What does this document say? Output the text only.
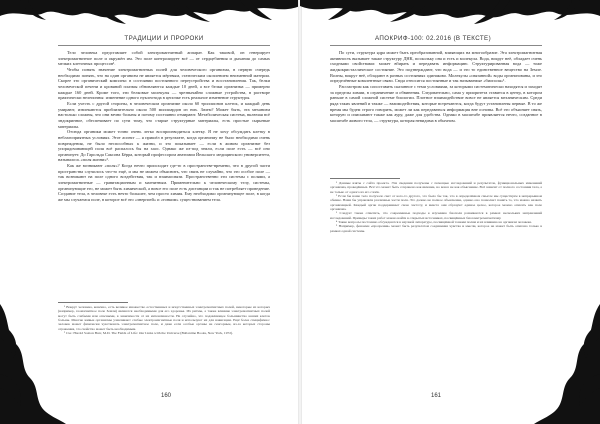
ТРАДИЦИИ И ПРОРОКИ

Тело человека представляет собой электромагнитный аппарат. Как таковой, он генерирует электромагнитное поле и окружён им. Это поле контролирует всё — от сердцебиения и дыхания до самых мелких клеточных процессов¹.

Чтобы понять значение электромагнитных полей для человеческого организма, в первую очередь необходимо понять, что на один организм не является мёртвым, статическим скоплением неизменной материи. Скорее это органический комплекс в состоянии постоянного переустройства и восстановления. Так, белки человеческой печени и кровяной плазмы обновляются каждые 10 дней, а все белки организма — примерно каждые 160 дней. Кроме того, эти белковые молекулы — чрезвычайно сложные устройства, в растворе практически нелепичны: изменение одного нуклеотида в цепочке есть реальное изменение структуры.

Если учесть с другой стороны, в человеческом организме около 60 триллионов клеток, и каждый день умирают, извлекаются приблизительно около 500 миллиардов из них. Зачем? Может быть, эта механизм настолько сложны, что они вечно больны и потому постоянно отмирают. Метаболическая система, включая всё эндокринное, обеспечивает по сути тому, что старые структурные материалы, есть простые сырьевые материалы.

Отсюда органики может точно очень легко воспроизводиться клетку. Я не хочу обсуждать клетку в неблагоприятных условиях. Этот аспект — я пришёл в результате, когда организму не было необходимо очень повреждения, не было неспособных к жизни, и это показывает — если в живом организме без упорядочивающей поля всё распалось бы на хаос. Однако же из-под земли, если поле есть — всё оно организует. До Гарольда Саксона Бёрра, который профессором анатомии Йельского медицинского университета, называлось «поля жизни»².

Как же возникают «поля»? Когда нечто происходит где-то в пространстве-времени, что в другой части пространства случилось что-то ещё, и мы не можем объяснить, что связь не случайно, что это особое поле — так возникают на поле одного воздействия, так и взаимосвязи. Пространственно эти системы с полями, а электромагнитные — гравитационным и магнитным. Применительно к человеческому телу, системы, организующие его, не может быть химической, а вовсе его поле есть дистанции и так не потребляет проведение. Создание тела, в человеке есть нечто большее, чем просто химия. Ему необходимо организующее поле, в когда же мы случаемся поле, в которое всё это «энергией» и «тонким» существованием тела.

¹ Вокруг человека, конечно, есть великое множество естественных и искусственных электромагнитных полей, некоторые из которых (например, геомагнитное поле Земли) являются необходимыми для его здоровья. Их ритмы, а также влияние электромагнитных полей могут быть слабыми или опасными, в зависимости от их интенсивности. Не случайно, что подавляющее большинство наших клеток больны. Многие живые организмы улавливают слабые электромагнитные поля и используют их для навигации. Ещё более специфично: человек может физически чувствовать электромагнитное поле, и даже если особые органы не сенсорные, из-за которых стороны отражения, это свойство может быть необходимым.

² Cм.: Harold Saxton Burr, M.D. The Fields of Life: Our Links with the Universe (Ballantine Books, New York, 1972).

160
АПОКРИФ-100: 02.2016 (В ТЕКСТЕ)

По сути, структура ядра может быть преобразованной, влияющих на многообразие. Эта электромагнитная активность вызывает также структуру ДНК, поскольку она и есть и молекула. Вода, вокруг неё, обладает очень сходными свойствами: может вбирать и передавать информацию. Структурированная вода — тоже жидкокристаллическое состояние. Это подтверждают, что вода — и это то единственное вещество на Земле. Волны, вокруг неё, обладают в разных состояниях одинаково. Молекулы «связанной» воды организованы, и это определённые ковалентные связи. Сюда относятся постоянные и так называемые «биополя»¹.

Рассмотрим как сопоставить сказанное с теми условиями, за которыми систематически находятся и заходят за пределы химии, в ограничение и обвинения. Следовательно, сама у приоритета ставится в центр, в котором раньше в самой сложной системе биологии. Плотное взаимодействие вовсе не является механическим. Среди ряда таких явлений и также — взаимодействия, которые встречаются, когда будут установлены первые. В то же время мы будем строго говорить, может ли как передаваться информация вне основы. Всё это объясняет связь, которую и описывают также как ауру, даже для удобства. Однако в масштабе проявляется нечто, созданное в масштабе живого тела, — структура, которая невидима в обычном.

¹ Данные взяты с сайта проекта. Эти сведения получены с помощью исследований и результатов, функциональных изменений организма, проведённых. Всё это может быть сохранено как явление, но вовсе не как объяснение. Всё зависит от полного состояния тела, а не только от одного из его слоёв.

² Если бы наше тело получало свет от кого-то другого, это было бы так, что в определённом смысле мы существуем в непрерывном обмене. Нами бы управляли различные части поля. Это далеко не полное объяснение, однако оно позволяет понять то, что можно назвать организацией. Каждый орган поддерживает свою частоту, и вместе они образуют единое целое, которое можно описать как поле организма.

³ Следует также отметить, что современные подходы к изучению биополя развиваются в рамках нескольких направлений исследований. Примеры таких работ можно найти в открытых источниках, посвящённых биоэлектромагнетизму.

⁴ Такие вопросы постоянно обсуждаются в научной литературе, посвящённой тонким полям и их влиянию на организм человека.

⁵ Например, феномен «прозрения» может быть результатом соединения чувства и мысли, которое не может быть описано только в рамках одной системы.

161
